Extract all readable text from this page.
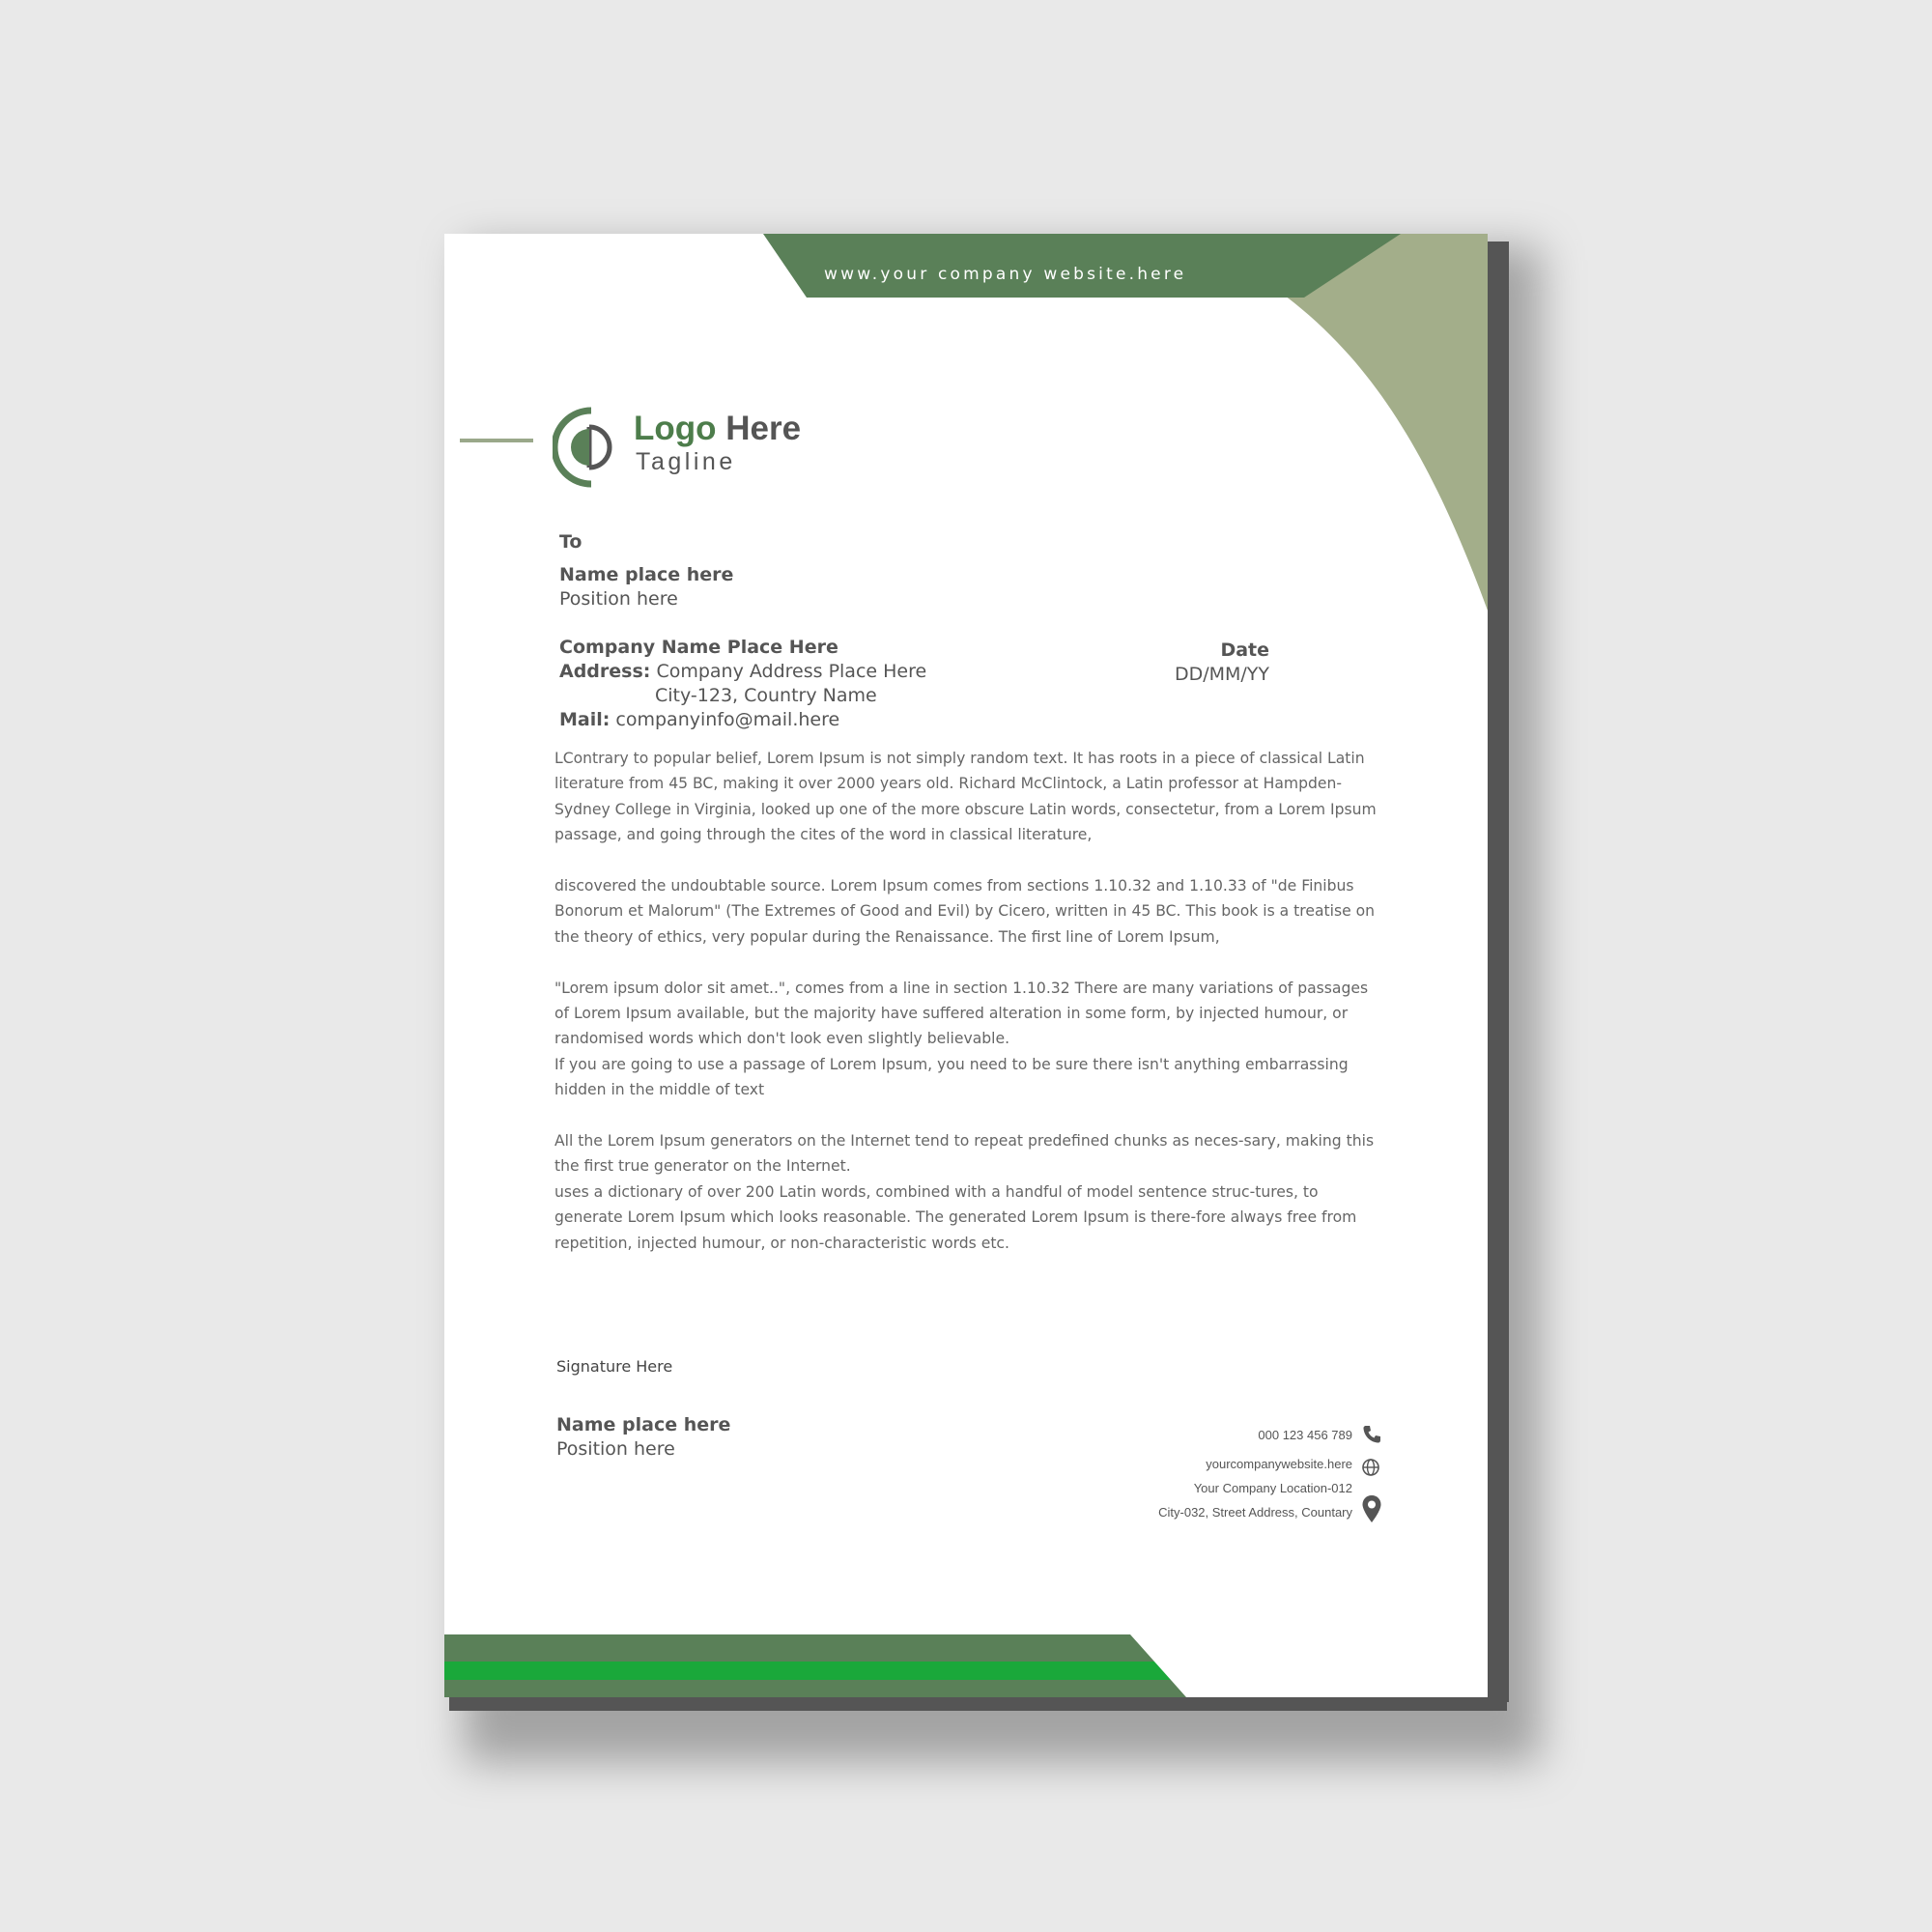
www.your company website.here
Logo Here
Tagline
To
Name place here
Position here
Company Name Place Here
Address: Company Address Place Here
City-123, Country Name
Mail: companyinfo@mail.here
Date
DD/MM/YY

LContrary to popular belief, Lorem Ipsum is not simply random text. It has roots in a piece of classical Latin literature from 45 BC, making it over 2000 years old. Richard McClintock, a Latin professor at Hampden-Sydney College in Virginia, looked up one of the more obscure Latin words, consectetur, from a Lorem Ipsum passage, and going through the cites of the word in classical literature,

discovered the undoubtable source. Lorem Ipsum comes from sections 1.10.32 and 1.10.33 of "de Finibus Bonorum et Malorum" (The Extremes of Good and Evil) by Cicero, written in 45 BC. This book is a treatise on the theory of ethics, very popular during the Renaissance. The first line of Lorem Ipsum,

"Lorem ipsum dolor sit amet..", comes from a line in section 1.10.32 There are many variations of passages of Lorem Ipsum available, but the majority have suffered alteration in some form, by injected humour, or randomised words which don't look even slightly believable.

If you are going to use a passage of Lorem Ipsum, you need to be sure there isn't anything embarrassing hidden in the middle of text

All the Lorem Ipsum generators on the Internet tend to repeat predefined chunks as neces-sary, making this the first true generator on the Internet.

uses a dictionary of over 200 Latin words, combined with a handful of model sentence struc-tures, to generate Lorem Ipsum which looks reasonable. The generated Lorem Ipsum is there-fore always free from repetition, injected humour, or non-characteristic words etc.

Signature Here
Name place here
Position here
000 123 456 789
yourcompanywebsite.here
Your Company Location-012
City-032, Street Address, Countary
